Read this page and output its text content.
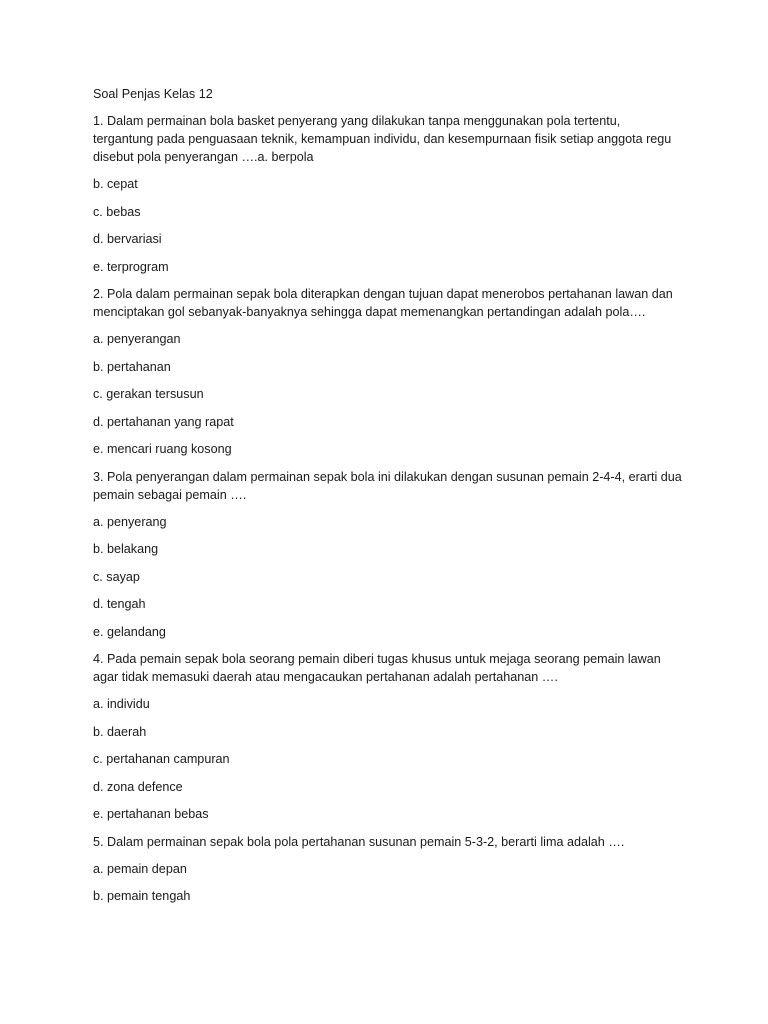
Soal Penjas Kelas 12
1. Dalam permainan bola basket penyerang yang dilakukan tanpa menggunakan pola tertentu, tergantung pada penguasaan teknik, kemampuan individu, dan kesempurnaan fisik setiap anggota regu disebut pola penyerangan ….a. berpola
b. cepat
c. bebas
d. bervariasi
e. terprogram
2. Pola dalam permainan sepak bola diterapkan dengan tujuan dapat menerobos pertahanan lawan dan menciptakan gol sebanyak-banyaknya sehingga dapat memenangkan pertandingan adalah pola….
a. penyerangan
b. pertahanan
c. gerakan tersusun
d. pertahanan yang rapat
e. mencari ruang kosong
3. Pola penyerangan dalam permainan sepak bola ini dilakukan dengan susunan pemain 2-4-4, erarti dua pemain sebagai pemain ….
a. penyerang
b. belakang
c. sayap
d. tengah
e. gelandang
4. Pada pemain sepak bola seorang pemain diberi tugas khusus untuk mejaga seorang pemain lawan agar tidak memasuki daerah atau mengacaukan pertahanan adalah pertahanan ….
a. individu
b. daerah
c. pertahanan campuran
d. zona defence
e. pertahanan bebas
5. Dalam permainan sepak bola pola pertahanan susunan pemain 5-3-2, berarti lima adalah ….
a. pemain depan
b. pemain tengah
